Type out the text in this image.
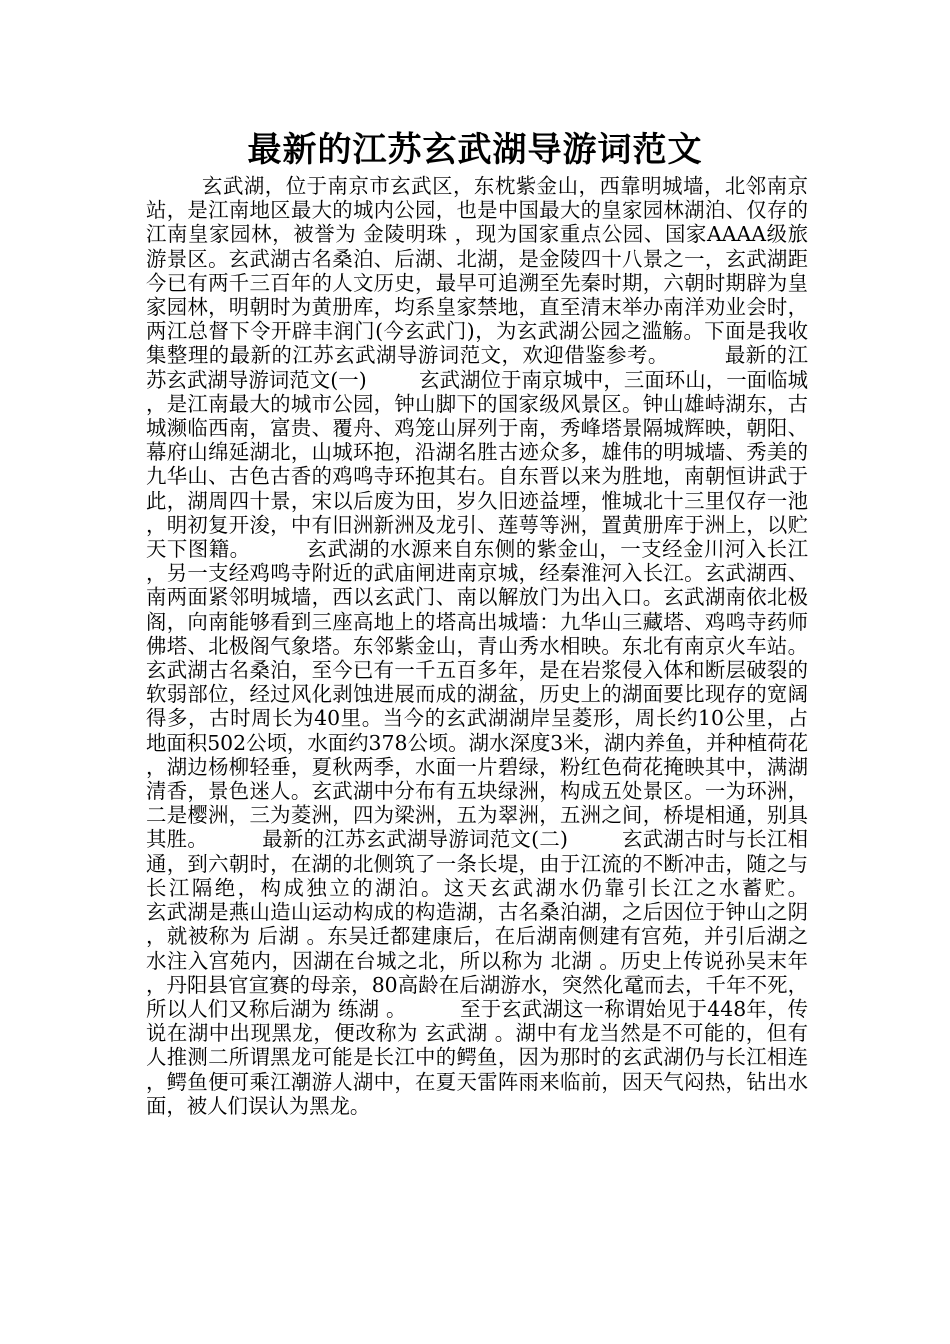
最新的江苏玄武湖导游词范文

玄武湖，位于南京市玄武区，东枕紫金山，西靠明城墙，北邻南京站，是江南地区最大的城内公园，也是中国最大的皇家园林湖泊、仅存的江南皇家园林，被誉为 金陵明珠 ，现为国家重点公园、国家AAAA级旅游景区。玄武湖古名桑泊、后湖、北湖，是金陵四十八景之一，玄武湖距今已有两千三百年的人文历史，最早可追溯至先秦时期，六朝时期辟为皇家园林，明朝时为黄册库，均系皇家禁地，直至清末举办南洋劝业会时，两江总督下令开辟丰润门(今玄武门)，为玄武湖公园之滥觞。下面是我收集整理的最新的江苏玄武湖导游词范文，欢迎借鉴参考。        最新的江苏玄武湖导游词范文(一)        玄武湖位于南京城中，三面环山，一面临城，是江南最大的城市公园，钟山脚下的国家级风景区。钟山雄峙湖东，古城濒临西南，富贵、覆舟、鸡笼山屏列于南，秀峰塔景隔城辉映，朝阳、幕府山绵延湖北，山城环抱，沿湖名胜古迹众多，雄伟的明城墙、秀美的九华山、古色古香的鸡鸣寺环抱其右。自东晋以来为胜地，南朝恒讲武于此，湖周四十景，宋以后废为田，岁久旧迹益堙，惟城北十三里仅存一池，明初复开浚，中有旧洲新洲及龙引、莲萼等洲，置黄册库于洲上，以贮天下图籍。        玄武湖的水源来自东侧的紫金山，一支经金川河入长江，另一支经鸡鸣寺附近的武庙闸进南京城，经秦淮河入长江。玄武湖西、南两面紧邻明城墙，西以玄武门、南以解放门为出入口。玄武湖南依北极阁，向南能够看到三座高地上的塔高出城墙：九华山三藏塔、鸡鸣寺药师佛塔、北极阁气象塔。东邻紫金山，青山秀水相映。东北有南京火车站。        玄武湖古名桑泊，至今已有一千五百多年，是在岩浆侵入体和断层破裂的软弱部位，经过风化剥蚀进展而成的湖盆，历史上的湖面要比现存的宽阔得多，古时周长为40里。当今的玄武湖湖岸呈菱形，周长约10公里，占地面积502公顷，水面约378公顷。湖水深度3米，湖内养鱼，并种植荷花，湖边杨柳轻垂，夏秋两季，水面一片碧绿，粉红色荷花掩映其中，满湖清香，景色迷人。玄武湖中分布有五块绿洲，构成五处景区。一为环洲，二是樱洲，三为菱洲，四为梁洲，五为翠洲，五洲之间，桥堤相通，别具其胜。        最新的江苏玄武湖导游词范文(二)        玄武湖古时与长江相通，到六朝时，在湖的北侧筑了一条长堤，由于江流的不断冲击，随之与长江隔绝，构成独立的湖泊。这天玄武湖水仍靠引长江之水蓄贮。        玄武湖是燕山造山运动构成的构造湖，古名桑泊湖，之后因位于钟山之阴，就被称为 后湖 。东吴迁都建康后，在后湖南侧建有宫苑，并引后湖之水注入宫苑内，因湖在台城之北，所以称为 北湖 。历史上传说孙吴末年，丹阳县官宣赛的母亲，80高龄在后湖游水，突然化鼋而去，千年不死，所以人们又称后湖为 练湖 。        至于玄武湖这一称谓始见于448年，传说在湖中出现黑龙，便改称为 玄武湖 。湖中有龙当然是不可能的，但有人推测二所谓黑龙可能是长江中的鳄鱼，因为那时的玄武湖仍与长江相连，鳄鱼便可乘江潮游人湖中，在夏天雷阵雨来临前，因天气闷热，钻出水面，被人们误认为黑龙。
